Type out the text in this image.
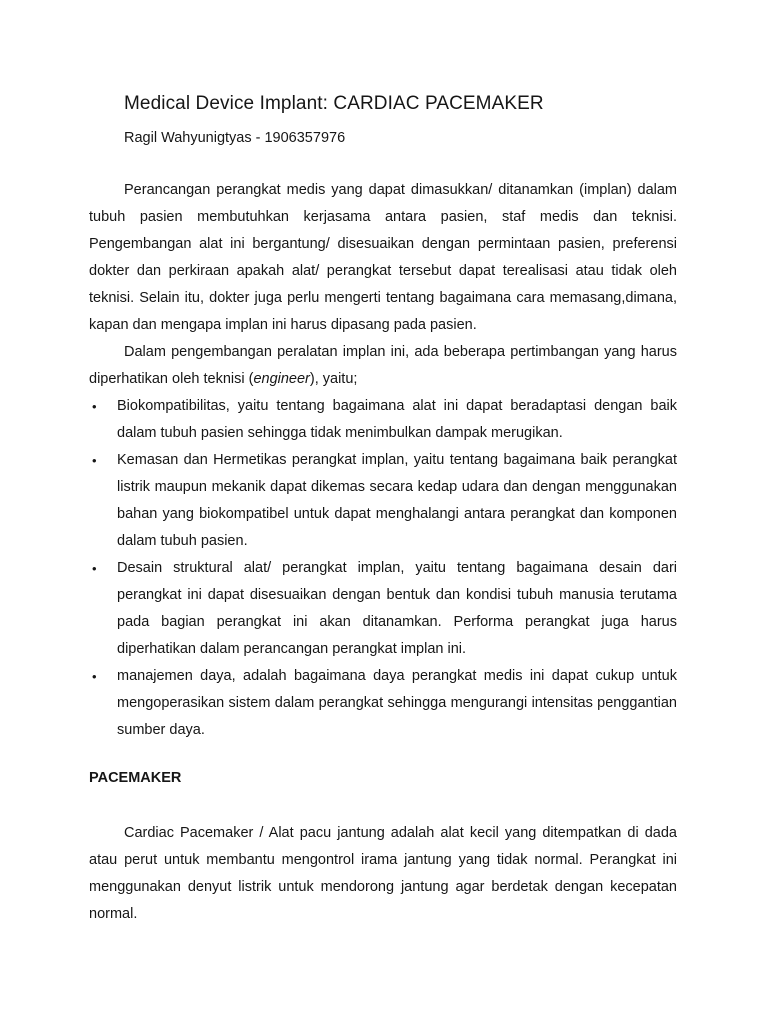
Medical Device Implant: CARDIAC PACEMAKER
Ragil Wahyunigtyas - 1906357976

Perancangan perangkat medis yang dapat dimasukkan/ ditanamkan (implan) dalam tubuh pasien membutuhkan kerjasama antara pasien, staf medis dan teknisi. Pengembangan alat ini bergantung/ disesuaikan dengan permintaan pasien, preferensi dokter dan perkiraan apakah alat/ perangkat tersebut dapat terealisasi atau tidak oleh teknisi. Selain itu, dokter juga perlu mengerti tentang bagaimana cara memasang,dimana, kapan dan mengapa implan ini harus dipasang pada pasien.

Dalam pengembangan peralatan implan ini, ada beberapa pertimbangan yang harus diperhatikan oleh teknisi (engineer), yaitu;

• Biokompatibilitas, yaitu tentang bagaimana alat ini dapat beradaptasi dengan baik dalam tubuh pasien sehingga tidak menimbulkan dampak merugikan.
• Kemasan dan Hermetikas perangkat implan, yaitu tentang bagaimana baik perangkat listrik maupun mekanik dapat dikemas secara kedap udara dan dengan menggunakan bahan yang biokompatibel untuk dapat menghalangi antara perangkat dan komponen dalam tubuh pasien.
• Desain struktural alat/ perangkat implan, yaitu tentang bagaimana desain dari perangkat ini dapat disesuaikan dengan bentuk dan kondisi tubuh manusia terutama pada bagian perangkat ini akan ditanamkan. Performa perangkat juga harus diperhatikan dalam perancangan perangkat implan ini.
• manajemen daya, adalah bagaimana daya perangkat medis ini dapat cukup untuk mengoperasikan sistem dalam perangkat sehingga mengurangi intensitas penggantian sumber daya.
PACEMAKER

Cardiac Pacemaker / Alat pacu jantung adalah alat kecil yang ditempatkan di dada atau perut untuk membantu mengontrol irama jantung yang tidak normal. Perangkat ini menggunakan denyut listrik untuk mendorong jantung agar berdetak dengan kecepatan normal.
